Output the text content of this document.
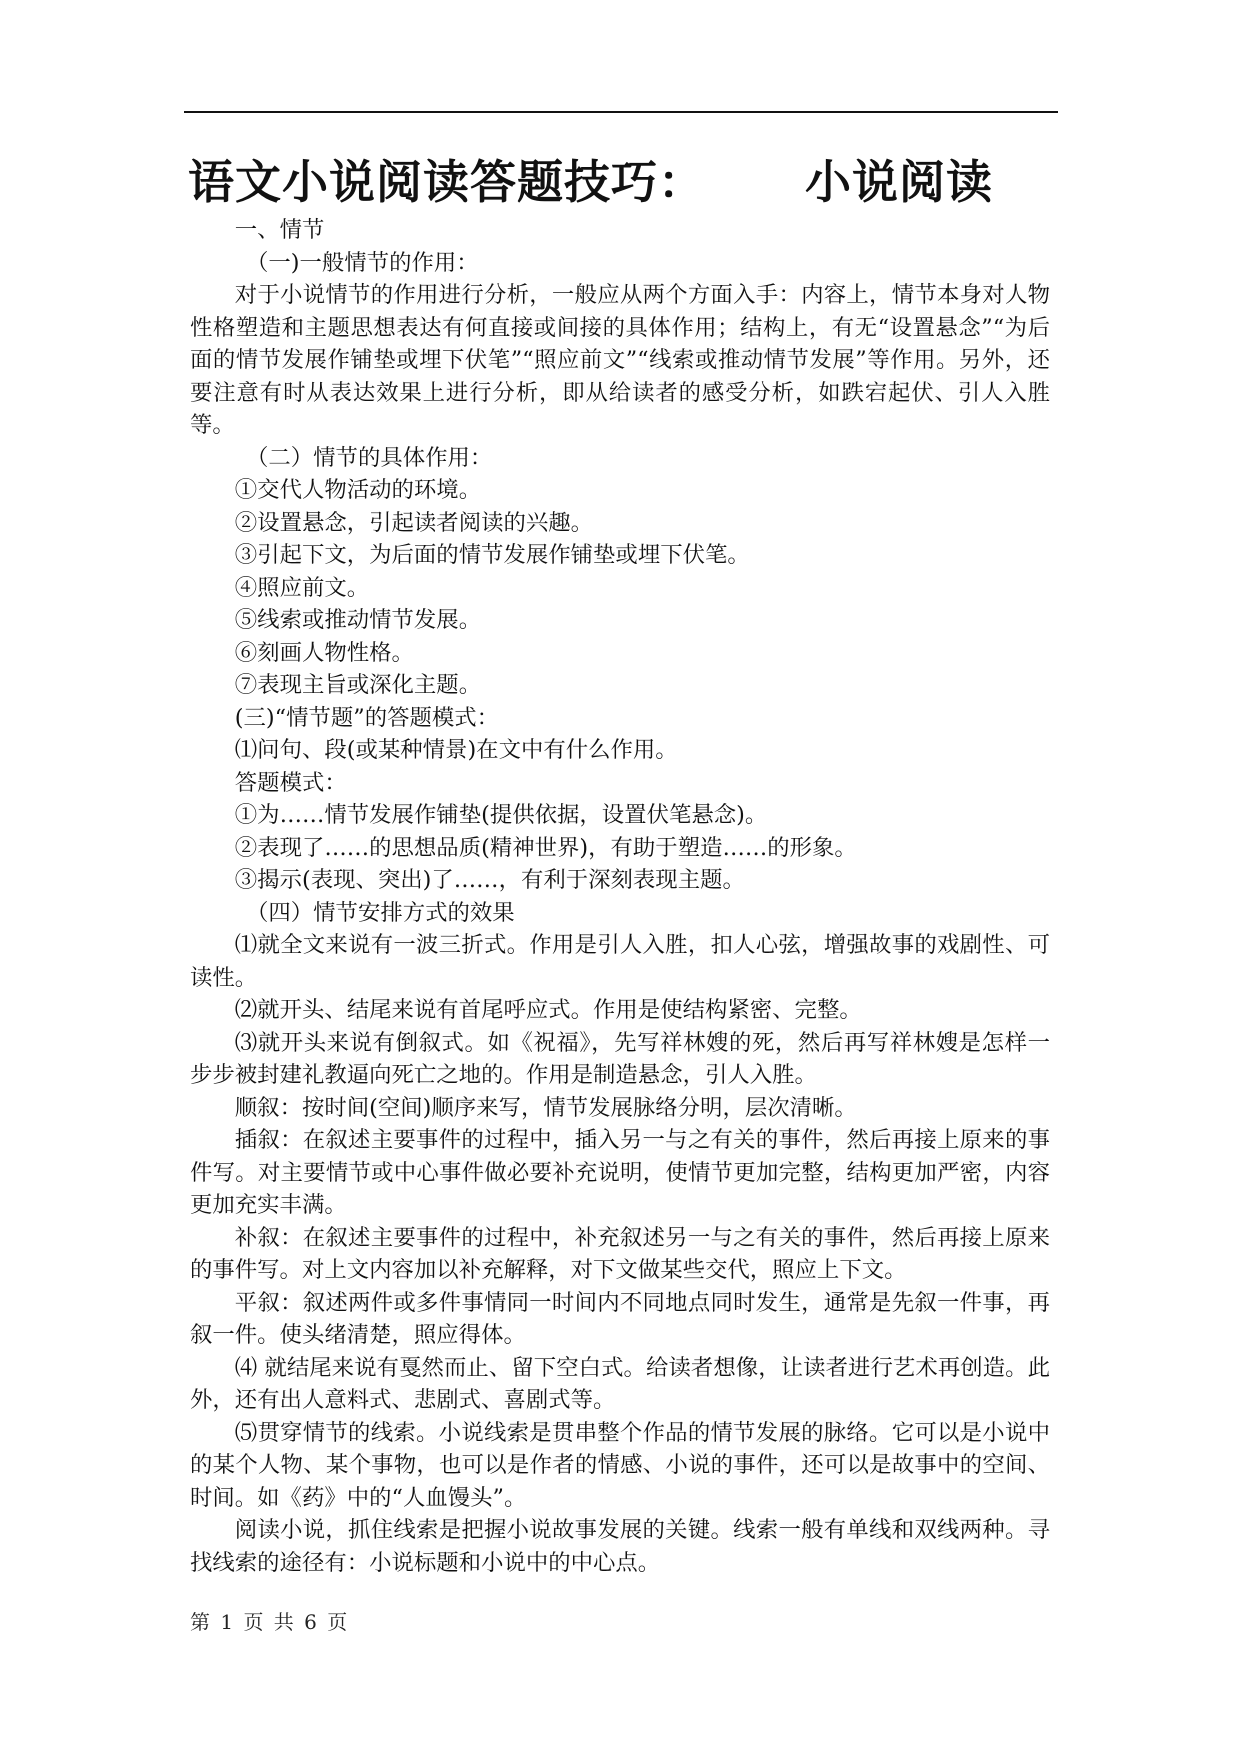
语文小说阅读答题技巧： 小说阅读

一、情节

（一)一般情节的作用：

对于小说情节的作用进行分析，一般应从两个方面入手：内容上，情节本身对人物性格塑造和主题思想表达有何直接或间接的具体作用；结构上，有无“设置悬念”“为后面的情节发展作铺垫或埋下伏笔”“照应前文”“线索或推动情节发展”等作用。另外，还要注意有时从表达效果上进行分析，即从给读者的感受分析，如跌宕起伏、引人入胜等。

（二）情节的具体作用：

①交代人物活动的环境。

②设置悬念，引起读者阅读的兴趣。

③引起下文，为后面的情节发展作铺垫或埋下伏笔。

④照应前文。

⑤线索或推动情节发展。

⑥刻画人物性格。

⑦表现主旨或深化主题。

(三)“情节题”的答题模式：

⑴问句、段(或某种情景)在文中有什么作用。

答题模式：

①为……情节发展作铺垫(提供依据，设置伏笔悬念)。

②表现了……的思想品质(精神世界)，有助于塑造……的形象。

③揭示(表现、突出)了……，有利于深刻表现主题。

（四）情节安排方式的效果

⑴就全文来说有一波三折式。作用是引人入胜，扣人心弦，增强故事的戏剧性、可读性。

⑵就开头、结尾来说有首尾呼应式。作用是使结构紧密、完整。

⑶就开头来说有倒叙式。如《祝福》，先写祥林嫂的死，然后再写祥林嫂是怎样一步步被封建礼教逼向死亡之地的。作用是制造悬念，引人入胜。

顺叙：按时间(空间)顺序来写，情节发展脉络分明，层次清晰。

插叙：在叙述主要事件的过程中，插入另一与之有关的事件，然后再接上原来的事件写。对主要情节或中心事件做必要补充说明，使情节更加完整，结构更加严密，内容更加充实丰满。

补叙：在叙述主要事件的过程中，补充叙述另一与之有关的事件，然后再接上原来的事件写。对上文内容加以补充解释，对下文做某些交代，照应上下文。

平叙：叙述两件或多件事情同一时间内不同地点同时发生，通常是先叙一件事，再叙一件。使头绪清楚，照应得体。

⑷ 就结尾来说有戛然而止、留下空白式。给读者想像，让读者进行艺术再创造。此外，还有出人意料式、悲剧式、喜剧式等。

⑸贯穿情节的线索。小说线索是贯串整个作品的情节发展的脉络。它可以是小说中的某个人物、某个事物，也可以是作者的情感、小说的事件，还可以是故事中的空间、时间。如《药》中的“人血馒头”。

阅读小说，抓住线索是把握小说故事发展的关键。线索一般有单线和双线两种。寻找线索的途径有：小说标题和小说中的中心点。

第 1 页 共 6 页
